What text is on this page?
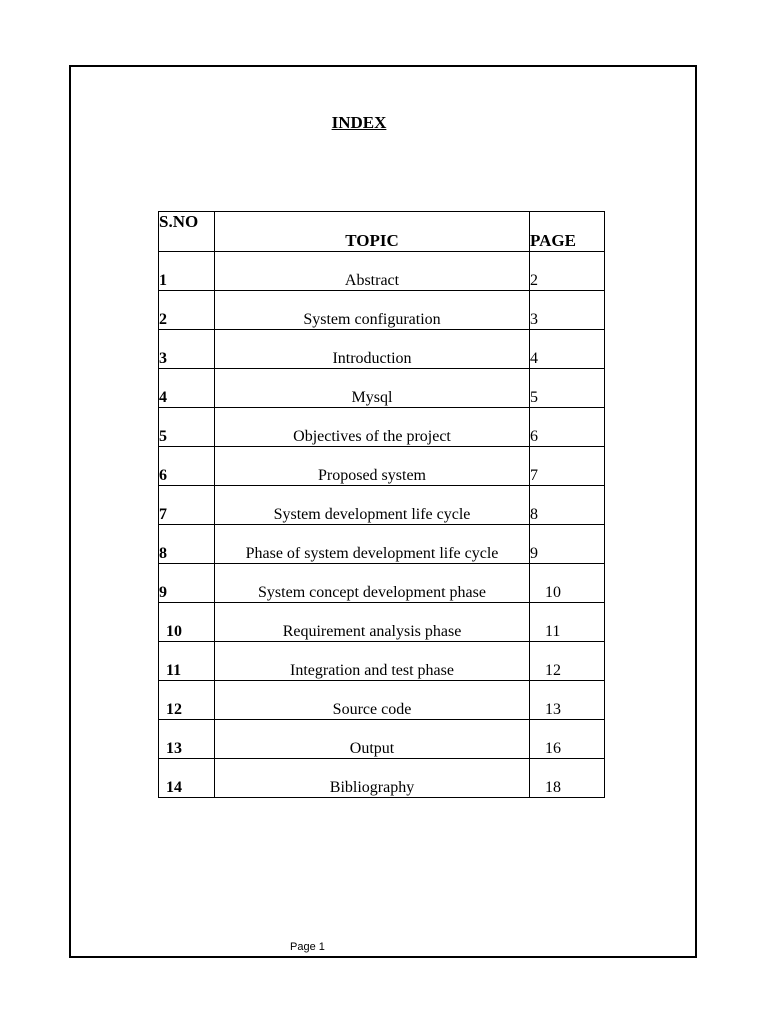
INDEX
S.NO	TOPIC	PAGE
1	Abstract	2
2	System configuration	3
3	Introduction	4
4	Mysql	5
5	Objectives of the project	6
6	Proposed system	7
7	System development life cycle	8
8	Phase of system development life cycle	9
9	System concept development phase	10
10	Requirement analysis phase	11
11	Integration and test phase	12
12	Source code	13
13	Output	16
14	Bibliography	18
Page 1
